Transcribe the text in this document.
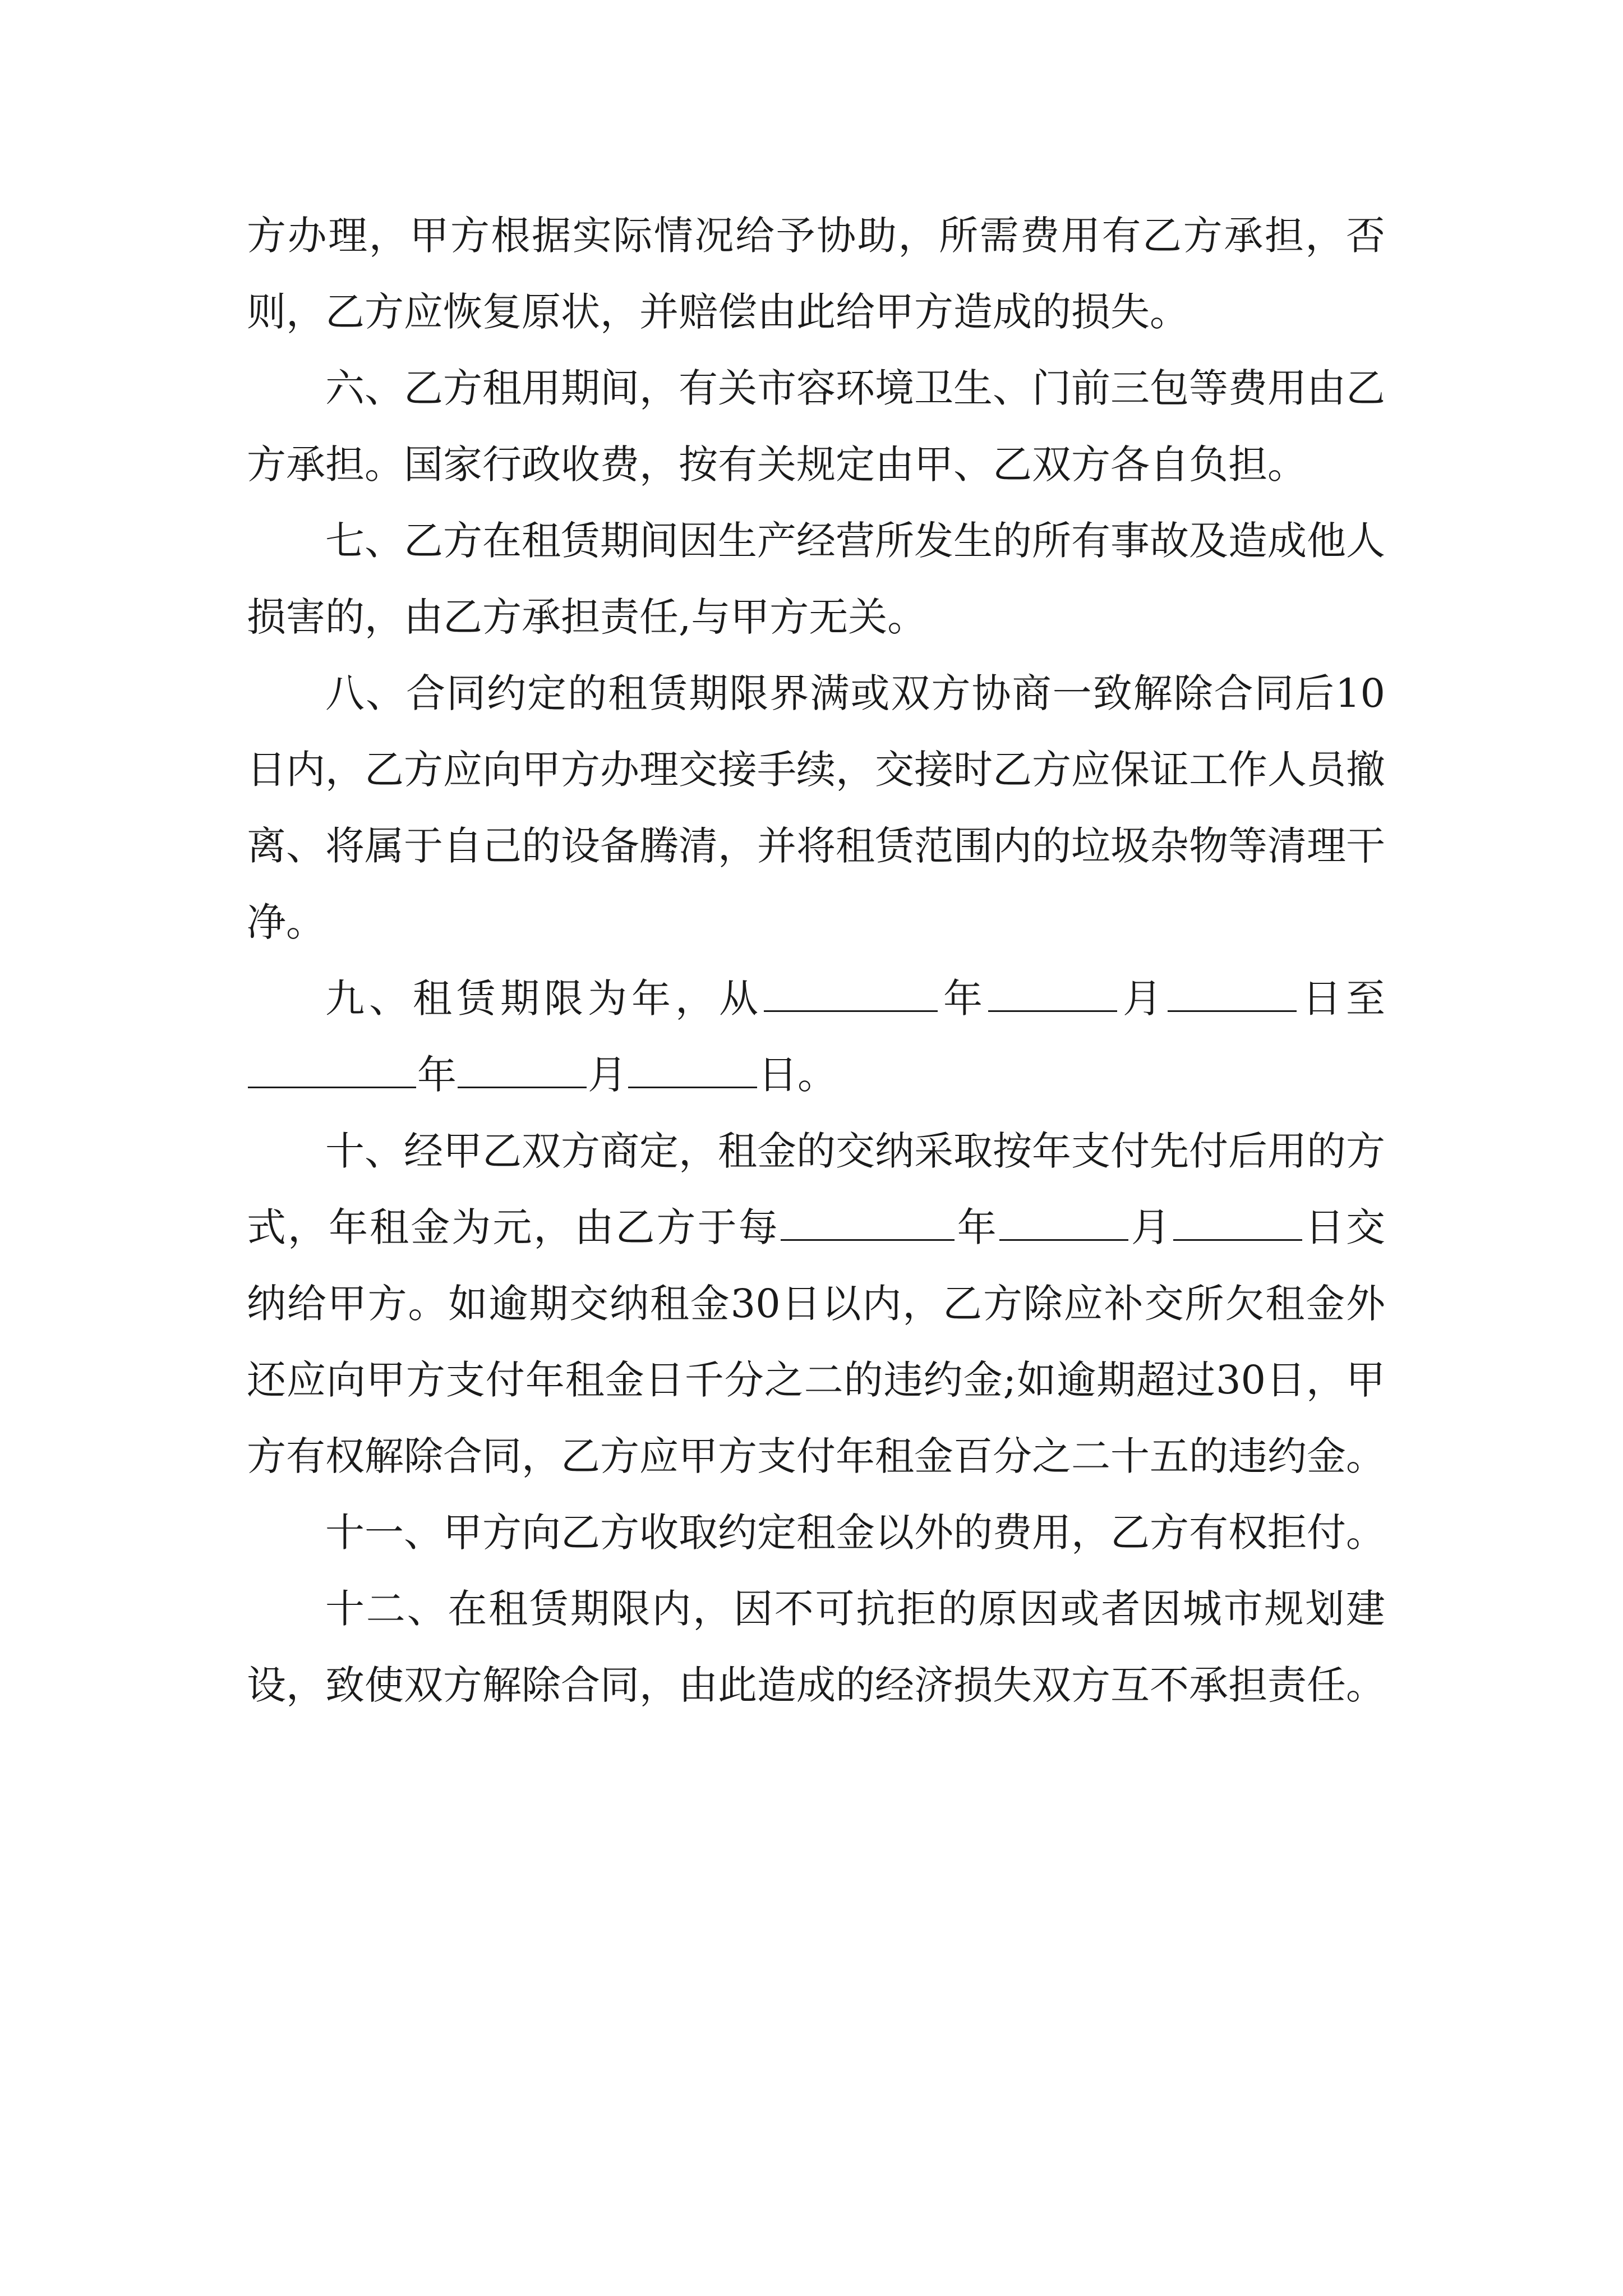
方办理，甲方根据实际情况给予协助，所需费用有乙方承担，否则，乙方应恢复原状，并赔偿由此给甲方造成的损失。

六、乙方租用期间，有关市容环境卫生、门前三包等费用由乙方承担。国家行政收费，按有关规定由甲、乙双方各自负担。

七、乙方在租赁期间因生产经营所发生的所有事故及造成他人损害的，由乙方承担责任,与甲方无关。

八、合同约定的租赁期限界满或双方协商一致解除合同后10日内，乙方应向甲方办理交接手续，交接时乙方应保证工作人员撤离、将属于自己的设备腾清，并将租赁范围内的垃圾杂物等清理干净。

九、租赁期限为年，从	年	月	日至年	月	日。

十、经甲乙双方商定，租金的交纳采取按年支付先付后用的方式，年租金为元，由乙方于每	年	月	日交纳给甲方。如逾期交纳租金30日以内，乙方除应补交所欠租金外还应向甲方支付年租金日千分之二的违约金;如逾期超过30日，甲方有权解除合同，乙方应甲方支付年租金百分之二十五的违约金。

十一、甲方向乙方收取约定租金以外的费用，乙方有权拒付。

十二、在租赁期限内，因不可抗拒的原因或者因城市规划建设，致使双方解除合同，由此造成的经济损失双方互不承担责任。
